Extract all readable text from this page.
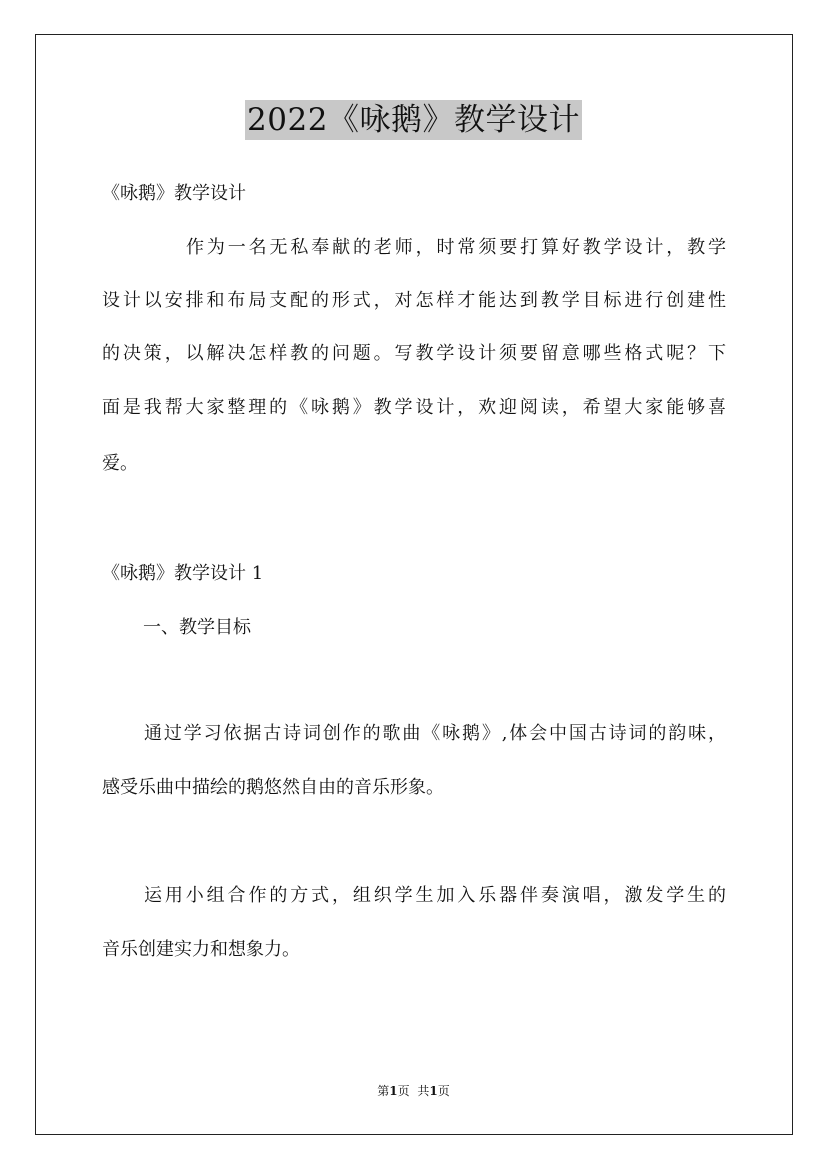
2022《咏鹅》教学设计
《咏鹅》教学设计
作为一名无私奉献的老师，时常须要打算好教学设计，教学
设计以安排和布局支配的形式，对怎样才能达到教学目标进行创建性
的决策，以解决怎样教的问题。写教学设计须要留意哪些格式呢？下
面是我帮大家整理的《咏鹅》教学设计，欢迎阅读，希望大家能够喜
爱。
《咏鹅》教学设计 1
一、教学目标
通过学习依据古诗词创作的歌曲《咏鹅》,体会中国古诗词的韵味，
感受乐曲中描绘的鹅悠然自由的音乐形象。
运用小组合作的方式，组织学生加入乐器伴奏演唱，激发学生的
音乐创建实力和想象力。
第1页 共1页
